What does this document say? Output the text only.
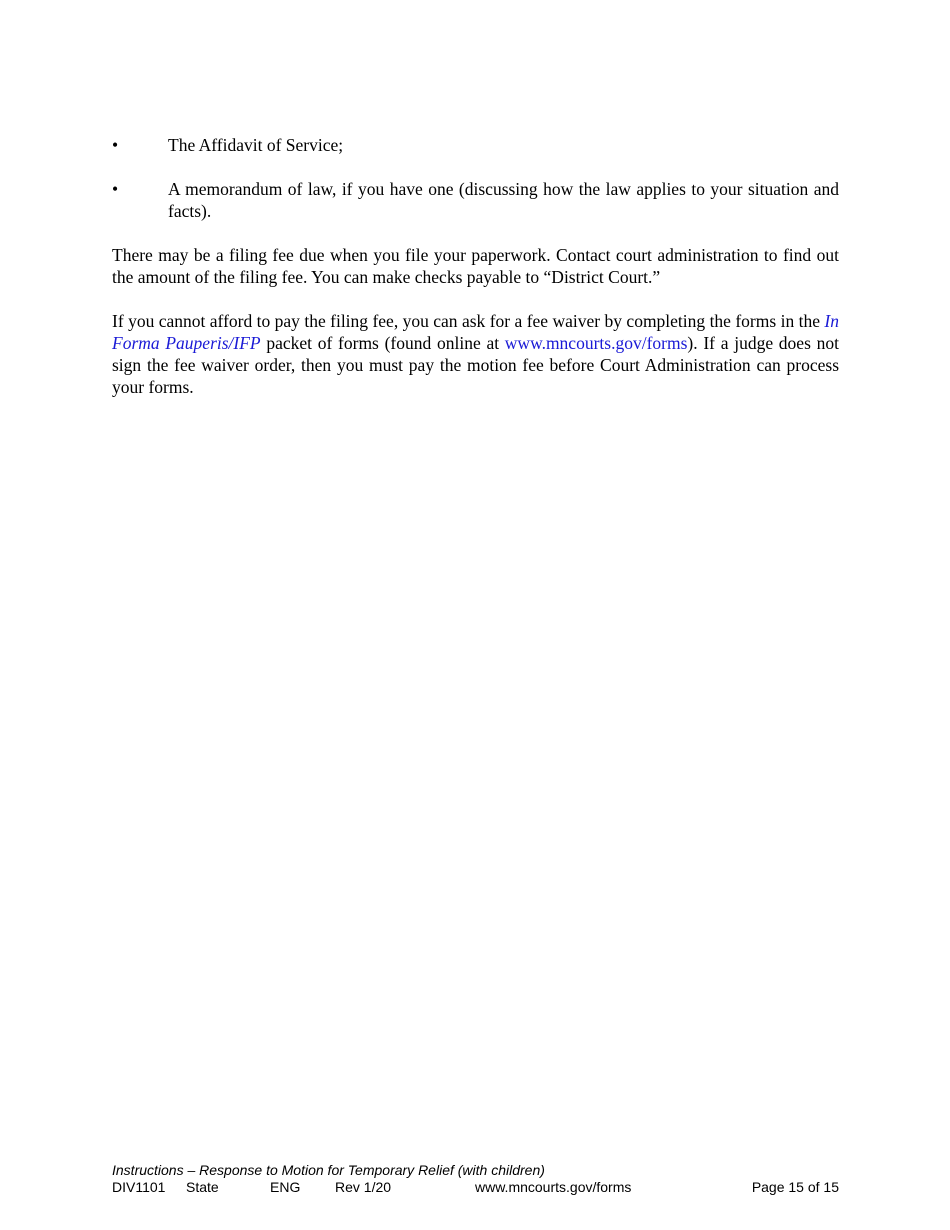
•	The Affidavit of Service;
•	A memorandum of law, if you have one (discussing how the law applies to your situation and facts).

There may be a filing fee due when you file your paperwork. Contact court administration to find out the amount of the filing fee. You can make checks payable to “District Court.”

If you cannot afford to pay the filing fee, you can ask for a fee waiver by completing the forms in the In Forma Pauperis/IFP packet of forms (found online at www.mncourts.gov/forms). If a judge does not sign the fee waiver order, then you must pay the motion fee before Court Administration can process your forms.

Instructions – Response to Motion for Temporary Relief (with children)
DIV1101 State	ENG Rev 1/20	www.mncourts.gov/forms	Page 15 of 15
